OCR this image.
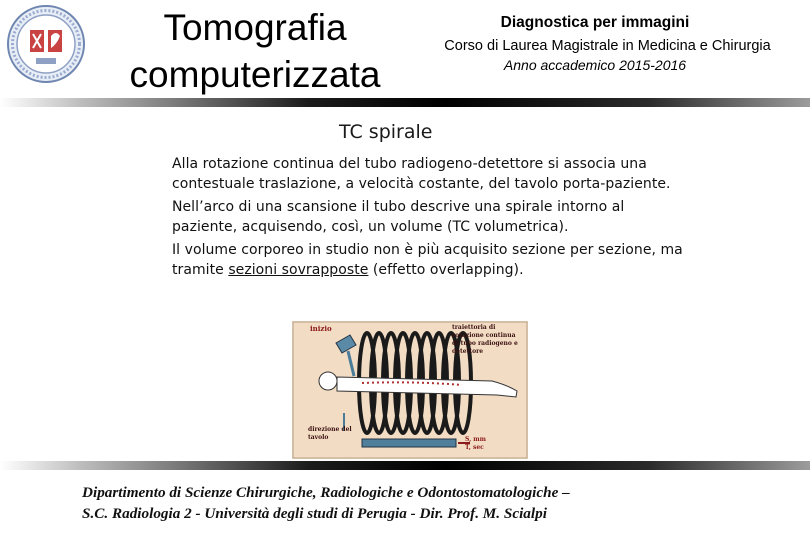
Tomografia
computerizzata
Diagnostica per immagini
Corso di Laurea Magistrale in Medicina e Chirurgia
Anno accademico 2015-2016
TC spirale

Alla rotazione continua del tubo radiogeno-detettore si associa una contestuale traslazione, a velocità costante, del tavolo porta-paziente.

Nell’arco di una scansione il tubo descrive una spirale intorno al paziente, acquisendo, così, un volume (TC volumetrica).

Il volume corporeo in studio non è più acquisito sezione per sezione, ma tramite sezioni sovrapposte (effetto overlapping).

inizio	traiettoria di
rotazione continua
di tubo radiogeno e
detettore
direzione del
tavolo	S, mm
T, sec
Dipartimento di Scienze Chirurgiche, Radiologiche e Odontostomatologiche –
S.C. Radiologia 2 - Università degli studi di Perugia - Dir. Prof. M. Scialpi
